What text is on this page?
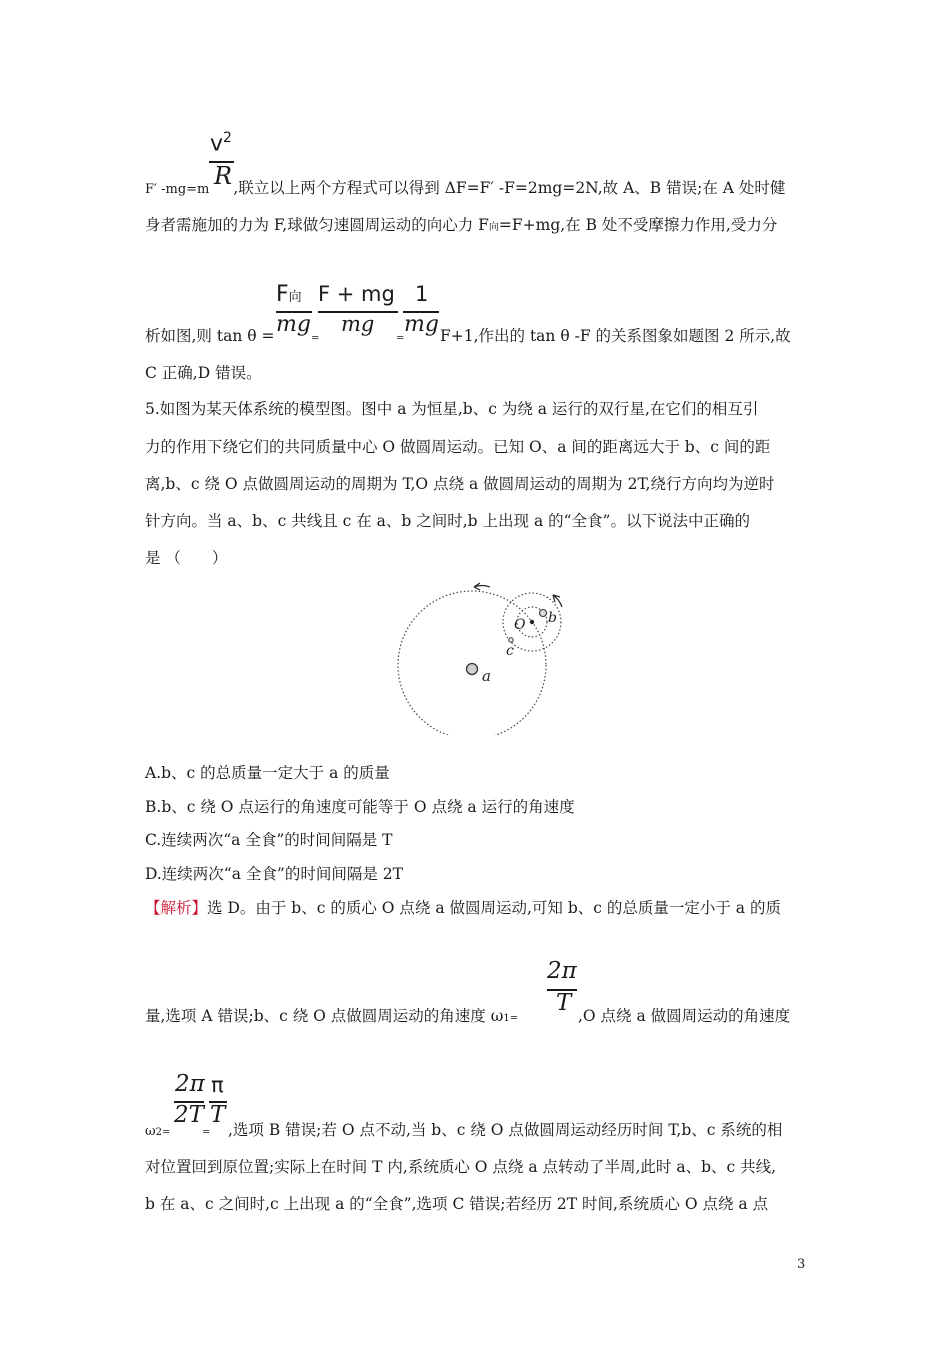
$v^2$
R
F′ -mg=m ,联立以上两个方程式可以得到 ΔF=F′ -F=2mg=2N,故 A、B 错误;在 A 处时健
身者需施加的力为 F,球做匀速圆周运动的向心力 F向=F+mg,在 B 处不受摩擦力作用,受力分
F向
mg
F + mg
mg
1
mg
析如图,则 tan θ =	=	= F+1,作出的 tan θ -F 的关系图象如题图 2 所示,故
C 正确,D 错误。
5.如图为某天体系统的模型图。图中 a 为恒星,b、c 为绕 a 运行的双行星,在它们的相互引
力的作用下绕它们的共同质量中心 O 做圆周运动。已知 O、a 间的距离远大于 b、c 间的距
离,b、c 绕 O 点做圆周运动的周期为 T,O 点绕 a 做圆周运动的周期为 2T,绕行方向均为逆时
针方向。当 a、b、c 共线且 c 在 a、b 之间时,b 上出现 a 的“全食”。以下说法中正确的
是 （　　）
a
O b
c
A.b、c 的总质量一定大于 a 的质量
B.b、c 绕 O 点运行的角速度可能等于 O 点绕 a 运行的角速度
C.连续两次“a 全食”的时间间隔是 T
D.连续两次“a 全食”的时间间隔是 2T
【解析】选 D。由于 b、c 的质心 O 点绕 a 做圆周运动,可知 b、c 的总质量一定小于 a 的质
2π
T
量,选项 A 错误;b、c 绕 O 点做圆周运动的角速度 ω1=	,O 点绕 a 做圆周运动的角速度
2π
2T
π
T
ω2=	= ,选项 B 错误;若 O 点不动,当 b、c 绕 O 点做圆周运动经历时间 T,b、c 系统的相
对位置回到原位置;实际上在时间 T 内,系统质心 O 点绕 a 点转动了半周,此时 a、b、c 共线,
b 在 a、c 之间时,c 上出现 a 的“全食”,选项 C 错误;若经历 2T 时间,系统质心 O 点绕 a 点
3
